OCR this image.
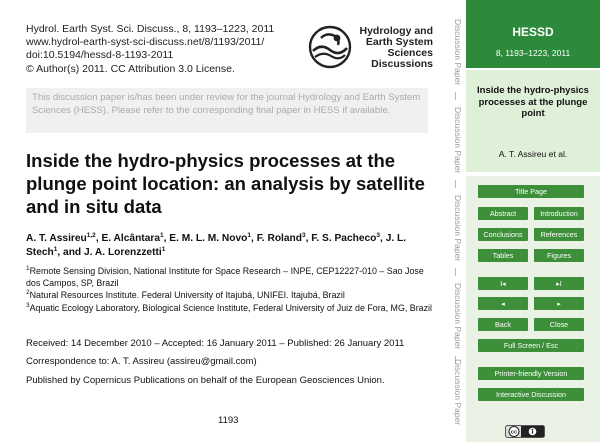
Hydrol. Earth Syst. Sci. Discuss., 8, 1193–1223, 2011
www.hydrol-earth-syst-sci-discuss.net/8/1193/2011/
doi:10.5194/hessd-8-1193-2011
© Author(s) 2011. CC Attribution 3.0 License.
Hydrology and
Earth System
Sciences
Discussions
This discussion paper is/has been under review for the journal Hydrology and Earth System Sciences (HESS). Please refer to the corresponding final paper in HESS if available.
Inside the hydro-physics processes at the plunge point location: an analysis by satellite and in situ data
A. T. Assireu$^{1,2}$, E. Alcântara$^1$, E. M. L. M. Novo$^1$, F. Roland$^3$, F. S. Pacheco$^3$, J. L. Stech$^1$, and J. A. Lorenzzetti$^1$
$^1$Remote Sensing Division, National Institute for Space Research – INPE, CEP12227-010 – Sao Jose dos Campos, SP, Brazil
$^2$Natural Resources Institute. Federal University of Itajubá, UNIFEI. Itajubá, Brazil
$^3$Aquatic Ecology Laboratory, Biological Science Institute, Federal University of Juiz de Fora, MG, Brazil
Received: 14 December 2010 – Accepted: 16 January 2011 – Published: 26 January 2011
Correspondence to: A. T. Assireu (assireu@gmail.com)
Published by Copernicus Publications on behalf of the European Geosciences Union.
1193
Discussion Paper
Discussion Paper
Discussion Paper
Discussion Paper
Discussion Paper
HESSD
8, 1193–1223, 2011
Inside the hydro-physics processes at the plunge point
A. T. Assireu et al.
Title Page
Abstract	Introduction
Conclusions	References
Tables	Figures
I◂	▸I
◂	▸
Back	Close
Full Screen / Esc
Printer-friendly Version
Interactive Discussion
cc
